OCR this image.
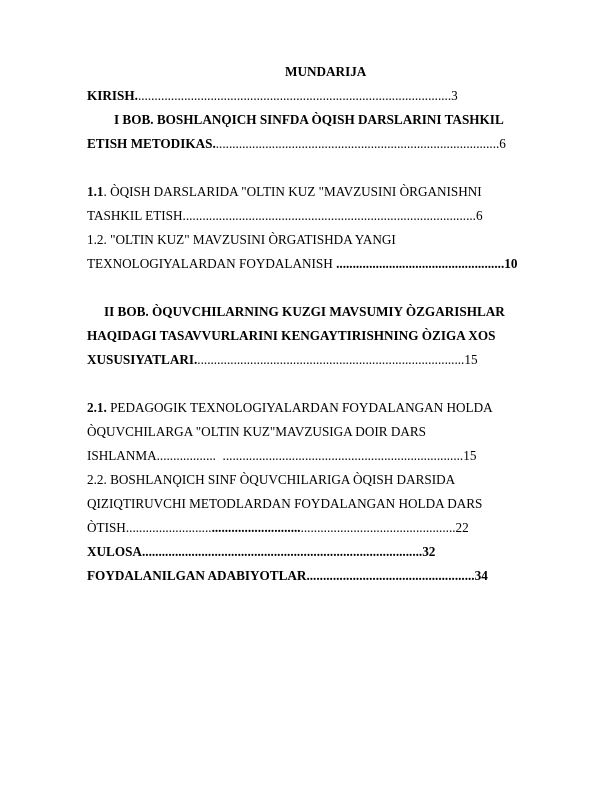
MUNDARIJA
KIRISH................................................................................................3
I BOB. BOSHLANǪICH SINFDA ÒQISH DARSLARINI TASHKIL
ETISH METODIKAS.......................................................................................6
1.1. ÒQISH DARSLARIDA "OLTIN KUZ "MAVZUSINI ÒRGANISHNI
TASHKIL ETISH.........................................................................................6
1.2. "OLTIN KUZ" MAVZUSINI ÒRGATISHDA YANGI
TEXNOLOGIYALARDAN FOYDALANISH ...................................................10
II BOB. ÒQUVCHILARNING KUZGI MAVSUMIY ÒZGARISHLAR
HAQIDAGI TASAVVURLARINI KENGAYTIRISHNING ÒZIGA XOS
XUSUSIYATLARI..................................................................................15
2.1. PEDAGOGIK TEXNOLOGIYALARDAN FOYDALANGAN HOLDA
ÒQUVCHILARGA "OLTIN KUZ"MAVZUSIGA DOIR DARS
ISHLANMA..................  .........................................................................15
2.2. BOSHLANǪICH SINF ÒQUVCHILARIGA ÒQISH DARSIDA
QIZIQTIRUVCHI METODLARDAN FOYDALANGAN HOLDA DARS
ÒTISH....................................................................................................22
XULOSA.....................................................................................32
FOYDALANILGAN ADABIYOTLAR...................................................34
